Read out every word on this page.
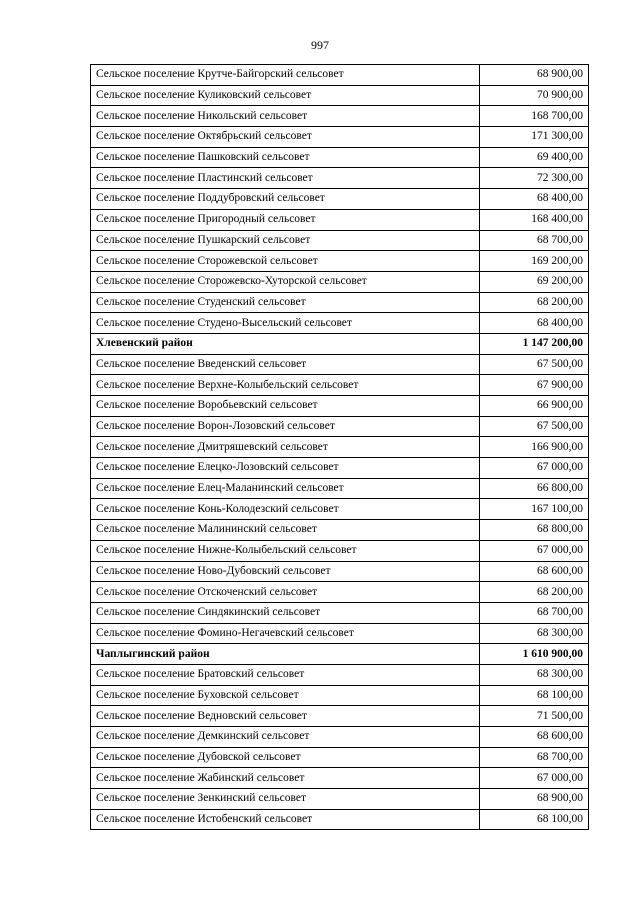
997
Сельское поселение Крутче-Байгорский сельсовет	68 900,00
Сельское поселение Куликовский сельсовет	70 900,00
Сельское поселение Никольский сельсовет	168 700,00
Сельское поселение Октябрьский сельсовет	171 300,00
Сельское поселение Пашковский сельсовет	69 400,00
Сельское поселение Пластинский сельсовет	72 300,00
Сельское поселение Поддубровский сельсовет	68 400,00
Сельское поселение Пригородный сельсовет	168 400,00
Сельское поселение Пушкарский сельсовет	68 700,00
Сельское поселение Сторожевской сельсовет	169 200,00
Сельское поселение Сторожевско-Хуторской сельсовет	69 200,00
Сельское поселение Студенский сельсовет	68 200,00
Сельское поселение Студено-Высельский сельсовет	68 400,00
Хлевенский район	1 147 200,00
Сельское поселение Введенский сельсовет	67 500,00
Сельское поселение Верхне-Колыбельский сельсовет	67 900,00
Сельское поселение Воробьевский сельсовет	66 900,00
Сельское поселение Ворон-Лозовский сельсовет	67 500,00
Сельское поселение Дмитряшевский сельсовет	166 900,00
Сельское поселение Елецко-Лозовский сельсовет	67 000,00
Сельское поселение Елец-Маланинский сельсовет	66 800,00
Сельское поселение Конь-Колодезский сельсовет	167 100,00
Сельское поселение Малининский сельсовет	68 800,00
Сельское поселение Нижне-Колыбельский сельсовет	67 000,00
Сельское поселение Ново-Дубовский сельсовет	68 600,00
Сельское поселение Отскоченский сельсовет	68 200,00
Сельское поселение Синдякинский сельсовет	68 700,00
Сельское поселение Фомино-Негачевский сельсовет	68 300,00
Чаплыгинский район	1 610 900,00
Сельское поселение Братовский сельсовет	68 300,00
Сельское поселение Буховской сельсовет	68 100,00
Сельское поселение Ведновский сельсовет	71 500,00
Сельское поселение Демкинский сельсовет	68 600,00
Сельское поселение Дубовской сельсовет	68 700,00
Сельское поселение Жабинский сельсовет	67 000,00
Сельское поселение Зенкинский сельсовет	68 900,00
Сельское поселение Истобенский сельсовет	68 100,00
